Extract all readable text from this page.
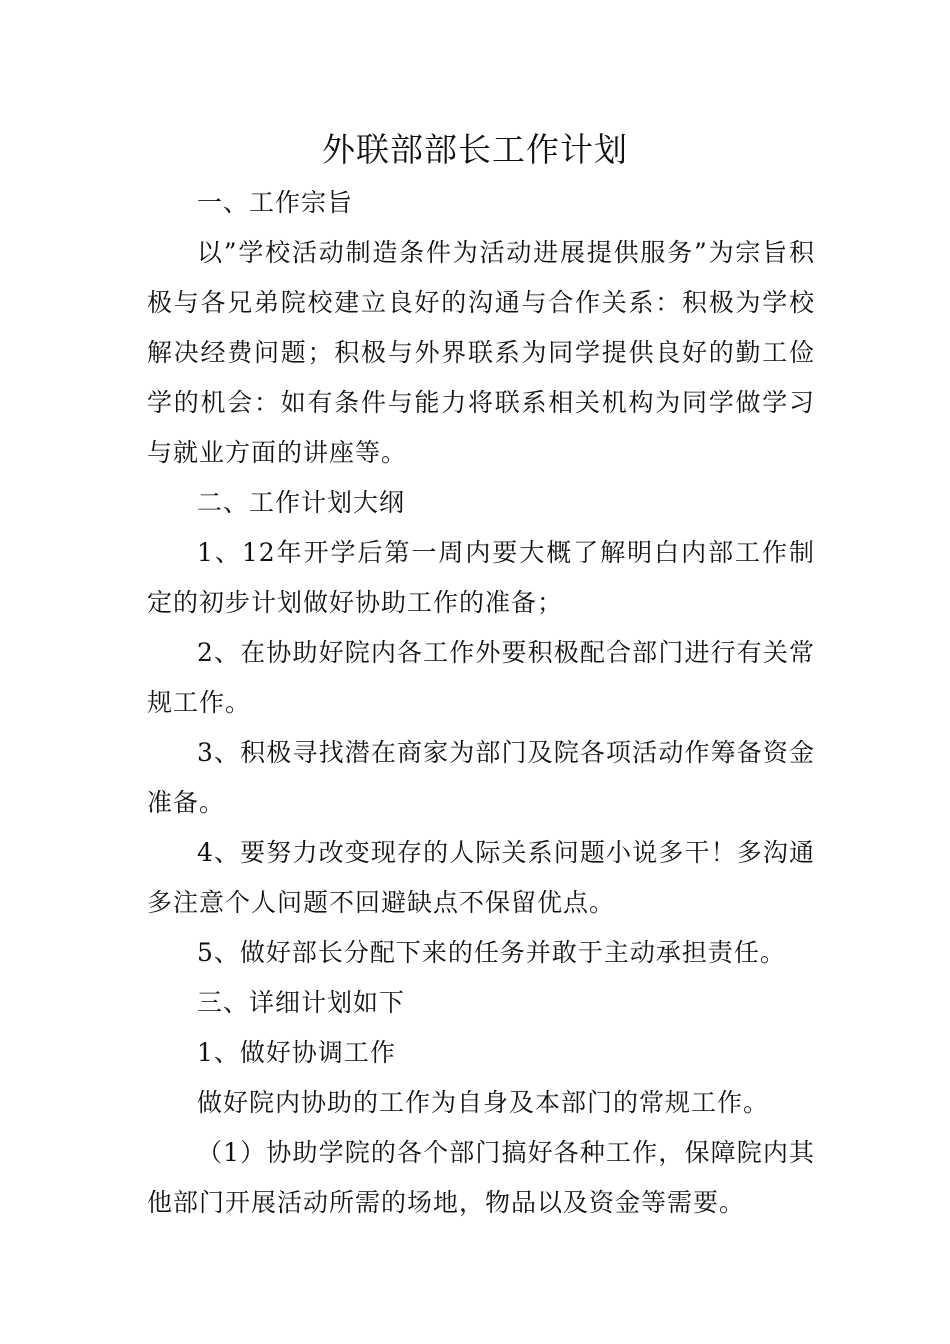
外联部部长工作计划

一、工作宗旨

以”学校活动制造条件为活动进展提供服务”为宗旨积极与各兄弟院校建立良好的沟通与合作关系：积极为学校解决经费问题；积极与外界联系为同学提供良好的勤工俭学的机会：如有条件与能力将联系相关机构为同学做学习与就业方面的讲座等。

二、工作计划大纲

1、12年开学后第一周内要大概了解明白内部工作制定的初步计划做好协助工作的准备；

2、在协助好院内各工作外要积极配合部门进行有关常规工作。

3、积极寻找潜在商家为部门及院各项活动作筹备资金准备。

4、要努力改变现存的人际关系问题小说多干！多沟通多注意个人问题不回避缺点不保留优点。

5、做好部长分配下来的任务并敢于主动承担责任。

三、详细计划如下

1、做好协调工作

做好院内协助的工作为自身及本部门的常规工作。

（1）协助学院的各个部门搞好各种工作，保障院内其他部门开展活动所需的场地，物品以及资金等需要。
